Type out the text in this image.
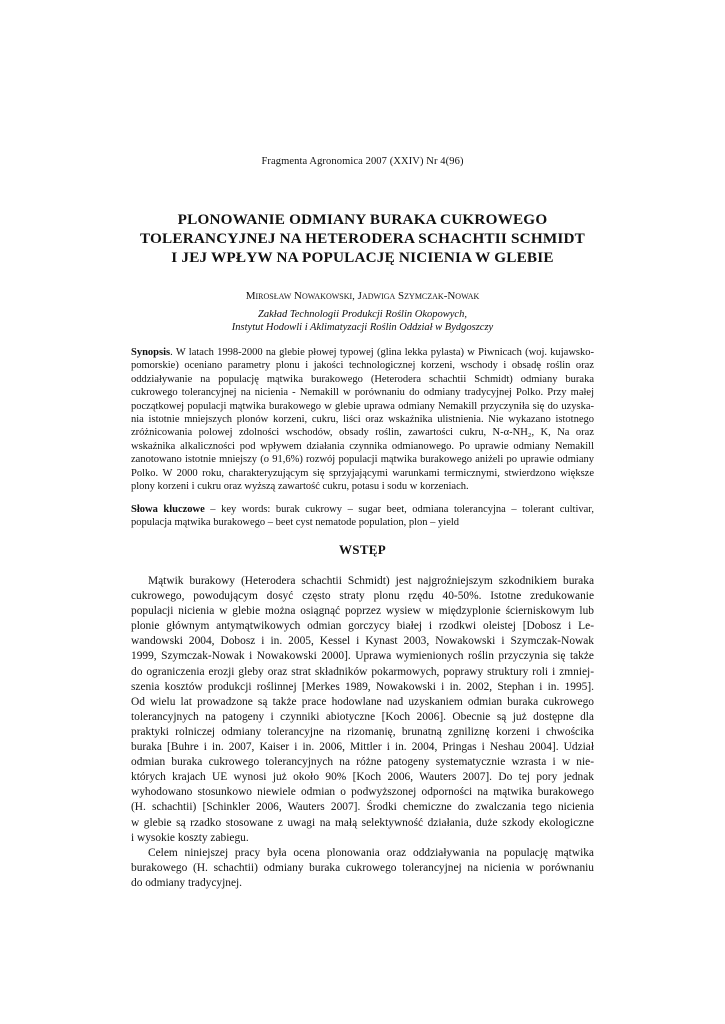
Fragmenta Agronomica 2007 (XXIV) Nr 4(96)
PLONOWANIE ODMIANY BURAKA CUKROWEGO
TOLERANCYJNEJ NA HETERODERA SCHACHTII SCHMIDT
I JEJ WPŁYW NA POPULACJĘ NICIENIA W GLEBIE
Mirosław Nowakowski, Jadwiga Szymczak-Nowak
Zakład Technologii Produkcji Roślin Okopowych,
Instytut Hodowli i Aklimatyzacji Roślin Oddział w Bydgoszczy
Synopsis. W latach 1998-2000 na glebie płowej typowej (glina lekka pylasta) w Piwnicach (woj. kujawsko-
pomorskie) oceniano parametry plonu i jakości technologicznej korzeni, wschody i obsadę roślin oraz
oddziaływanie na populację mątwika burakowego (Heterodera schachtii Schmidt) odmiany buraka
cukrowego tolerancyjnej na nicienia - Nemakill w porównaniu do odmiany tradycyjnej Polko. Przy małej
początkowej populacji mątwika burakowego w glebie uprawa odmiany Nemakill przyczyniła się do uzyska-
nia istotnie mniejszych plonów korzeni, cukru, liści oraz wskaźnika ulistnienia. Nie wykazano istotnego
zróżnicowania polowej zdolności wschodów, obsady roślin, zawartości cukru, N-α-NH₂, K, Na oraz
wskaźnika alkaliczności pod wpływem działania czynnika odmianowego. Po uprawie odmiany Nemakill
zanotowano istotnie mniejszy (o 91,6%) rozwój populacji mątwika burakowego aniżeli po uprawie odmiany
Polko. W 2000 roku, charakteryzującym się sprzyjającymi warunkami termicznymi, stwierdzono większe
plony korzeni i cukru oraz wyższą zawartość cukru, potasu i sodu w korzeniach.
Słowa kluczowe – key words: burak cukrowy – sugar beet, odmiana tolerancyjna – tolerant cultivar,
populacja mątwika burakowego – beet cyst nematode population, plon – yield
WSTĘP
Mątwik burakowy (Heterodera schachtii Schmidt) jest najgroźniejszym szkodnikiem buraka
cukrowego, powodującym dosyć często straty plonu rzędu 40-50%. Istotne zredukowanie
populacji nicienia w glebie można osiągnąć poprzez wysiew w międzyplonie ścierniskowym lub
plonie głównym antymątwikowych odmian gorczycy białej i rzodkwi oleistej [Dobosz i Le-
wandowski 2004, Dobosz i in. 2005, Kessel i Kynast 2003, Nowakowski i Szymczak-Nowak
1999, Szymczak-Nowak i Nowakowski 2000]. Uprawa wymienionych roślin przyczynia się także
do ograniczenia erozji gleby oraz strat składników pokarmowych, poprawy struktury roli i zmniej-
szenia kosztów produkcji roślinnej [Merkes 1989, Nowakowski i in. 2002, Stephan i in. 1995].
Od wielu lat prowadzone są także prace hodowlane nad uzyskaniem odmian buraka cukrowego
tolerancyjnych na patogeny i czynniki abiotyczne [Koch 2006]. Obecnie są już dostępne dla
praktyki rolniczej odmiany tolerancyjne na rizomanię, brunatną zgniliznę korzeni i chwościka
buraka [Buhre i in. 2007, Kaiser i in. 2006, Mittler i in. 2004, Pringas i Neshau 2004]. Udział
odmian buraka cukrowego tolerancyjnych na różne patogeny systematycznie wzrasta i w nie-
których krajach UE wynosi już około 90% [Koch 2006, Wauters 2007]. Do tej pory jednak
wyhodowano stosunkowo niewiele odmian o podwyższonej odporności na mątwika burakowego
(H. schachtii) [Schinkler 2006, Wauters 2007]. Środki chemiczne do zwalczania tego nicienia
w glebie są rzadko stosowane z uwagi na małą selektywność działania, duże szkody ekologiczne
i wysokie koszty zabiegu.
Celem niniejszej pracy była ocena plonowania oraz oddziaływania na populację mątwika
burakowego (H. schachtii) odmiany buraka cukrowego tolerancyjnej na nicienia w porównaniu
do odmiany tradycyjnej.
